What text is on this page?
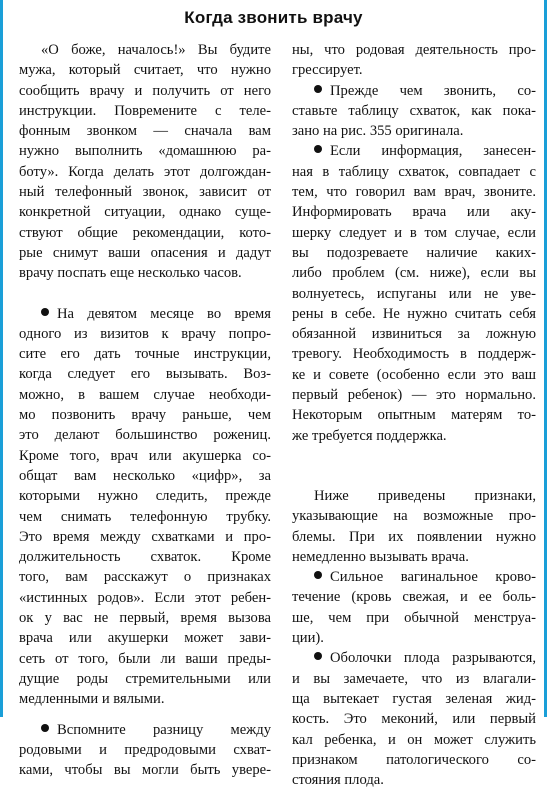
Когда звонить врачу
«О боже, началось!» Вы будите
мужа, который считает, что нужно
сообщить врачу и получить от него
инструкции. Повремените с теле-
фонным звонком — сначала вам
нужно выполнить «домашнюю ра-
боту». Когда делать этот долгождан-
ный телефонный звонок, зависит от
конкретной ситуации, однако суще-
ствуют общие рекомендации, кото-
рые снимут ваши опасения и дадут
врачу поспать еще несколько часов.
На девятом месяце во время
одного из визитов к врачу попро-
сите его дать точные инструкции,
когда следует его вызывать. Воз-
можно, в вашем случае необходи-
мо позвонить врачу раньше, чем
это делают большинство рожениц.
Кроме того, врач или акушерка со-
общат вам несколько «цифр», за
которыми нужно следить, прежде
чем снимать телефонную трубку.
Это время между схватками и про-
должительность схваток. Кроме
того, вам расскажут о признаках
«истинных родов». Если этот ребен-
ок у вас не первый, время вызова
врача или акушерки может зави-
сеть от того, были ли ваши преды-
дущие роды стремительными или
медленными и вялыми.
Вспомните разницу между
родовыми и предродовыми схват-
ками, чтобы вы могли быть увере-
ны, что родовая деятельность про-
грессирует.
Прежде чем звонить, со-
ставьте таблицу схваток, как пока-
зано на рис. 355 оригинала.
Если информация, занесен-
ная в таблицу схваток, совпадает с
тем, что говорил вам врач, звоните.
Информировать врача или аку-
шерку следует и в том случае, если
вы подозреваете наличие каких-
либо проблем (см. ниже), если вы
волнуетесь, испуганы или не уве-
рены в себе. Не нужно считать себя
обязанной извиниться за ложную
тревогу. Необходимость в поддерж-
ке и совете (особенно если это ваш
первый ребенок) — это нормально.
Некоторым опытным матерям то-
же требуется поддержка.
Ниже приведены признаки,
указывающие на возможные про-
блемы. При их появлении нужно
немедленно вызывать врача.
Сильное вагинальное крово-
течение (кровь свежая, и ее боль-
ше, чем при обычной менструа-
ции).
Оболочки плода разрываются,
и вы замечаете, что из влагали-
ща вытекает густая зеленая жид-
кость. Это меконий, или первый
кал ребенка, и он может служить
признаком патологического со-
стояния плода.
